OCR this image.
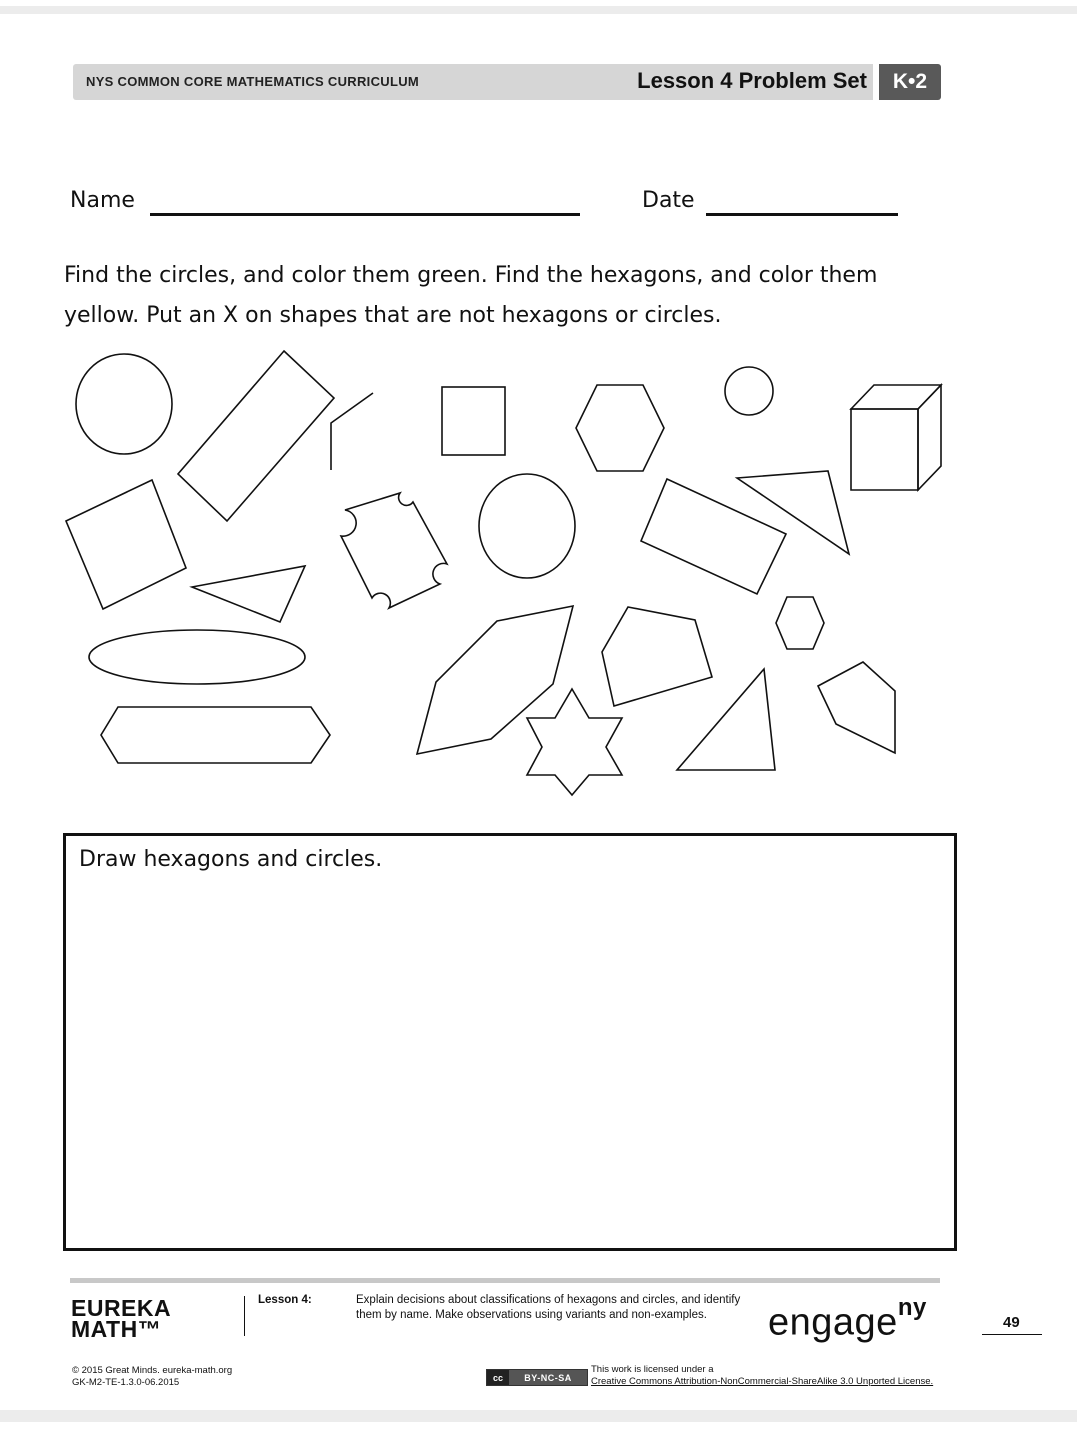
NYS COMMON CORE MATHEMATICS CURRICULUM	Lesson 4 Problem Set	K•2
Name	Date
Find the circles, and color them green. Find the hexagons, and color them
yellow. Put an X on shapes that are not hexagons or circles.
Draw hexagons and circles.
EUREKA
MATH™
Lesson 4:	Explain decisions about classifications of hexagons and circles, and identify them by name. Make observations using variants and non-examples.	engage$^{ny}$
49
© 2015 Great Minds. eureka-math.org
GK-M2-TE-1.3.0-06.2015	cc	BY-NC-SA
This work is licensed under a
Creative Commons Attribution-NonCommercial-ShareAlike 3.0 Unported License.
